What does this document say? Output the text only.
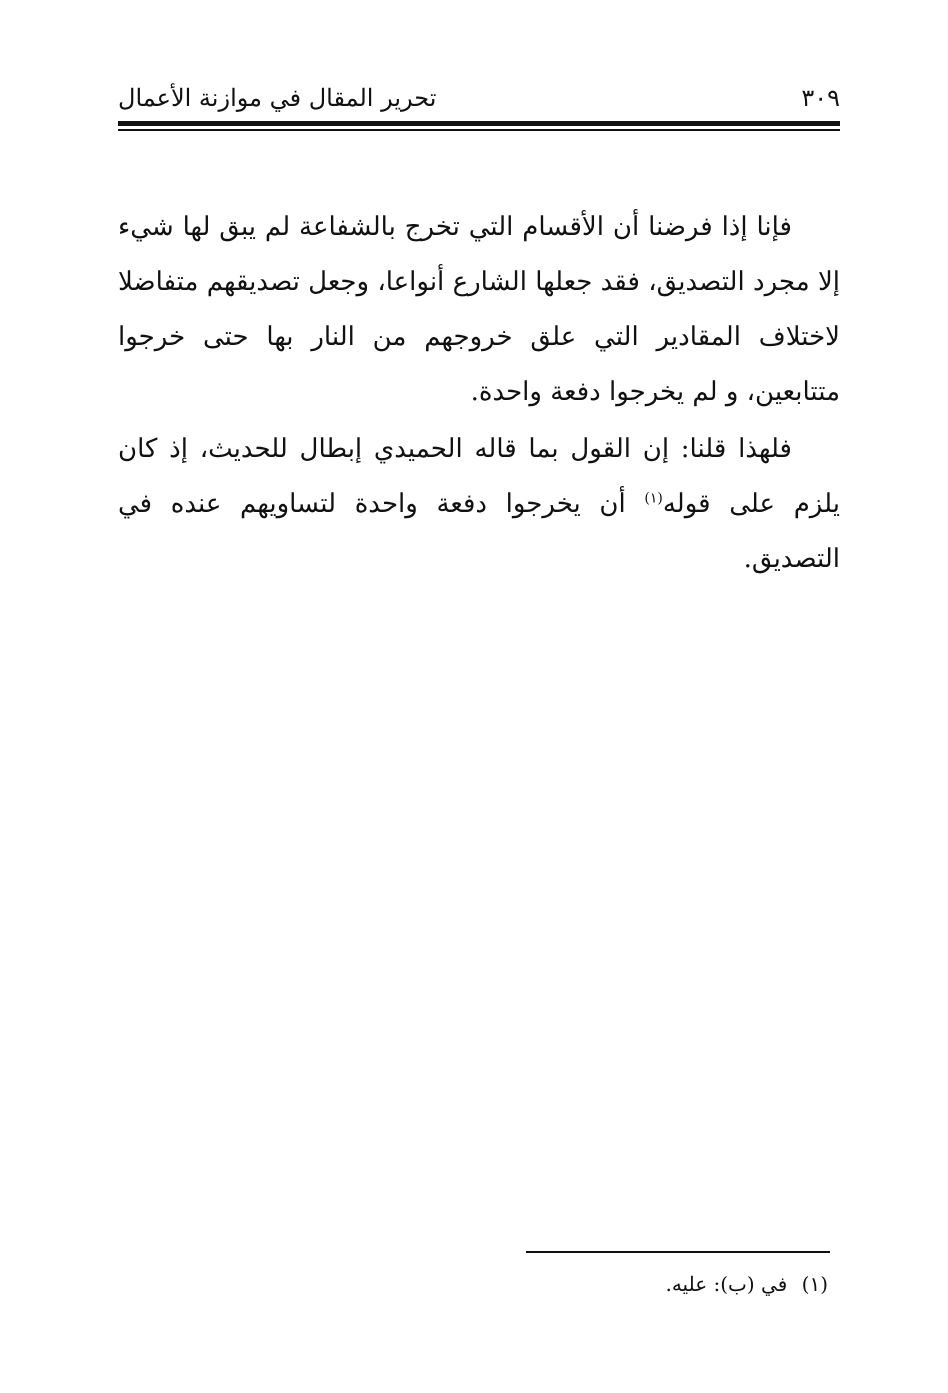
٣٠٩
تحرير المقال في موازنة الأعمال

فإنا إذا فرضنا أن الأقسام التي تخرج بالشفاعة لم يبق لها شيء إلا مجرد التصديق، فقد جعلها الشارع أنواعا، وجعل تصديقهم متفاضلا لاختلاف المقادير التي علق خروجهم من النار بها حتى خرجوا متتابعين، و لم يخرجوا دفعة واحدة.

فلهذا قلنا: إن القول بما قاله الحميدي إبطال للحديث، إذ كان يلزم على قوله$^{(١)}$ أن يخرجوا دفعة واحدة لتساويهم عنده في التصديق.

(١) في (ب): عليه.
